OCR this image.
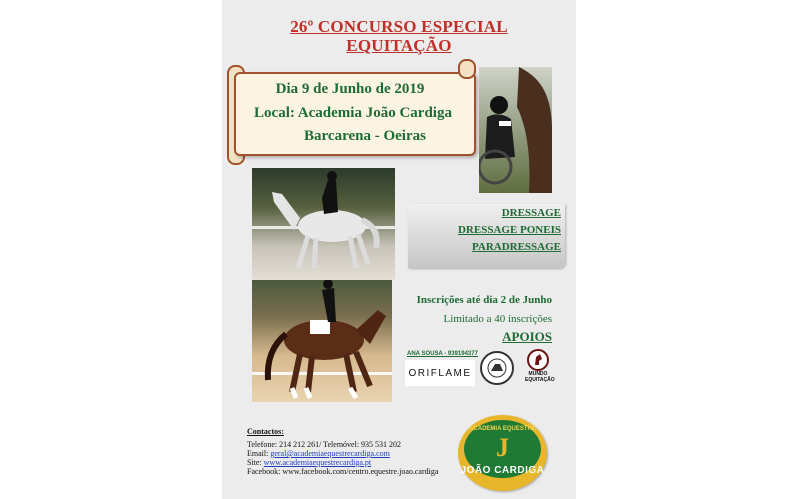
26º CONCURSO ESPECIAL
EQUITAÇÃO
Dia 9 de Junho de 2019
Local: Academia João Cardiga
Barcarena - Oeiras
DRESSAGE
DRESSAGE PONEIS
PARADRESSAGE
Inscrições até dia 2 de Junho
Limitado a 40 inscrições
APOIOS
ANA SOUSA - 939194377
ORIFLAME	MUNDO EQUITAÇÃO
Contactos:
Telefone: 214 212 261/ Telemóvel: 935 531 202
Email: geral@academiaequestrecardiga.com
Site: www.academiaequestrecardiga.pt
Facebook: www.facebook.com/centro.equestre.joao.cardiga
ACADEMIA EQUESTRE
J
JOÃO CARDIGA
